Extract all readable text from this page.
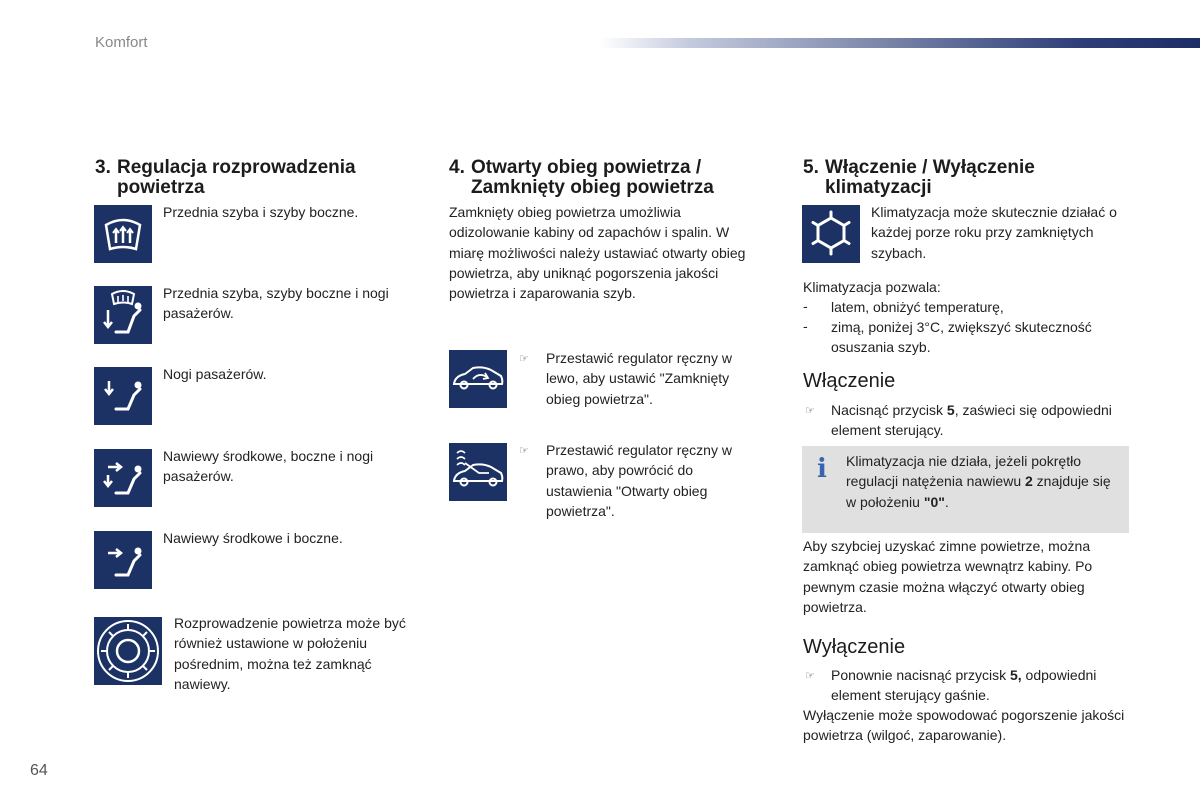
Komfort
64
3. Regulacja rozprowadzenia
powietrza

Przednia szyba i szyby boczne.

Przednia szyba, szyby boczne i nogi pasażerów.

Nogi pasażerów.

Nawiewy środkowe, boczne i nogi pasażerów.

Nawiewy środkowe i boczne.

Rozprowadzenie powietrza może być również ustawione w położeniu pośrednim, można też zamknąć nawiewy.

4. Otwarty obieg powietrza /
Zamknięty obieg powietrza

Zamknięty obieg powietrza umożliwia odizolowanie kabiny od zapachów i spalin. W miarę możliwości należy ustawiać otwarty obieg powietrza, aby uniknąć pogorszenia jakości powietrza i zaparowania szyb.

☞ Przestawić regulator ręczny w lewo, aby ustawić "Zamknięty obieg powietrza".

☞ Przestawić regulator ręczny w prawo, aby powrócić do ustawienia "Otwarty obieg powietrza".

5. Włączenie / Wyłączenie
klimatyzacji

Klimatyzacja może skutecznie działać o każdej porze roku przy zamkniętych szybach.

Klimatyzacja pozwala:

- latem, obniżyć temperaturę,

- zimą, poniżej 3°C, zwiększyć skuteczność osuszania szyb.

Włączenie
☞ Nacisnąć przycisk 5, zaświeci się odpowiedni element sterujący.

i Klimatyzacja nie działa, jeżeli pokrętło regulacji natężenia nawiewu 2 znajduje się w położeniu "0".

Aby szybciej uzyskać zimne powietrze, można zamknąć obieg powietrza wewnątrz kabiny. Po pewnym czasie można włączyć otwarty obieg powietrza.

Wyłączenie
☞ Ponownie nacisnąć przycisk 5, odpowiedni element sterujący gaśnie.

Wyłączenie może spowodować pogorszenie jakości powietrza (wilgoć, zaparowanie).
